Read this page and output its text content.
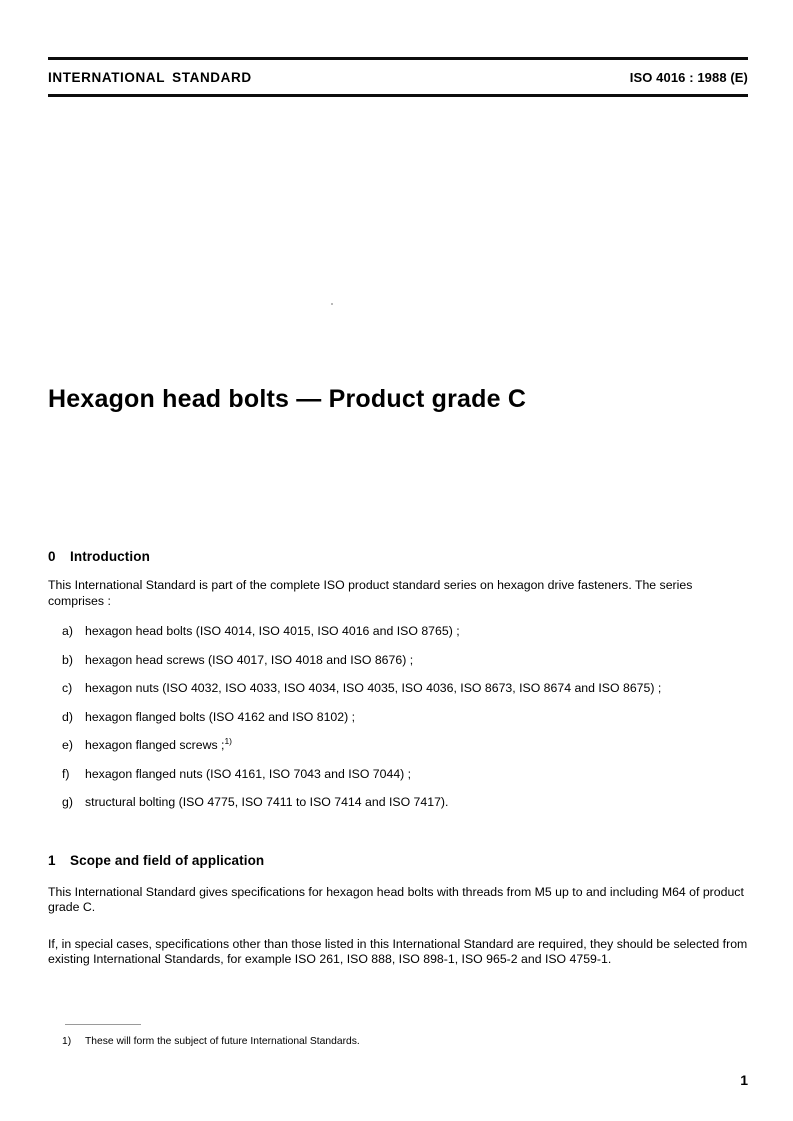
INTERNATIONAL STANDARD	ISO 4016 : 1988 (E)
Hexagon head bolts — Product grade C
0 Introduction

This International Standard is part of the complete ISO product standard series on hexagon drive fasteners. The series comprises :

a) hexagon head bolts (ISO 4014, ISO 4015, ISO 4016 and ISO 8765) ;
b) hexagon head screws (ISO 4017, ISO 4018 and ISO 8676) ;
c) hexagon nuts (ISO 4032, ISO 4033, ISO 4034, ISO 4035, ISO 4036, ISO 8673, ISO 8674 and ISO 8675) ;
d) hexagon flanged bolts (ISO 4162 and ISO 8102) ;
e) hexagon flanged screws ;$^{1)}$
f) hexagon flanged nuts (ISO 4161, ISO 7043 and ISO 7044) ;
g) structural bolting (ISO 4775, ISO 7411 to ISO 7414 and ISO 7417).
1 Scope and field of application

This International Standard gives specifications for hexagon head bolts with threads from M5 up to and including M64 of product grade C.

If, in special cases, specifications other than those listed in this International Standard are required, they should be selected from existing International Standards, for example ISO 261, ISO 888, ISO 898-1, ISO 965-2 and ISO 4759-1.

1) These will form the subject of future International Standards.
1
